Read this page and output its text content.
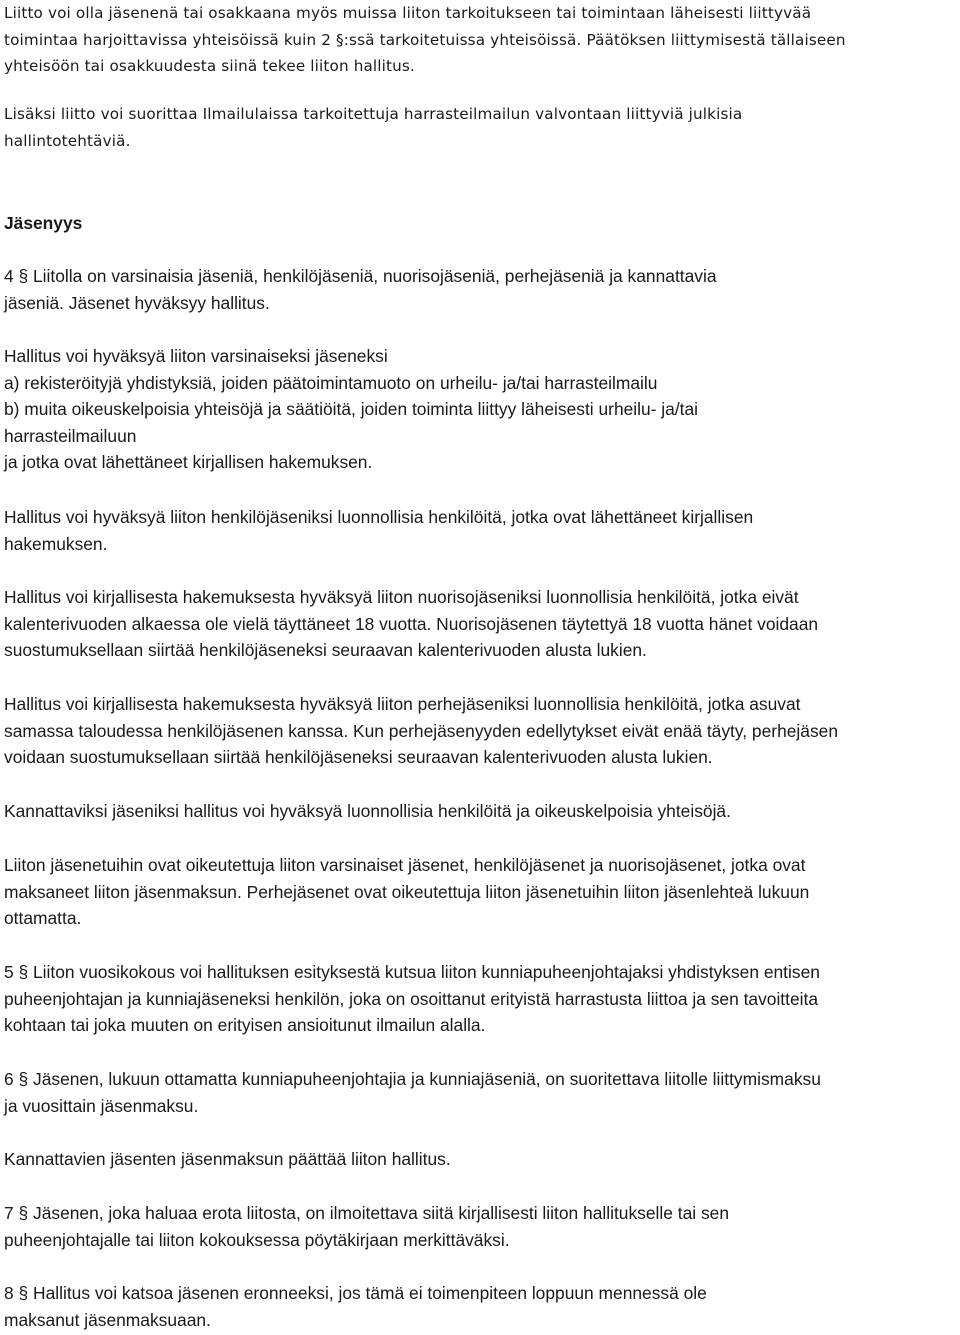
Liitto voi olla jäsenenä tai osakkaana myös muissa liiton tarkoitukseen tai toimintaan läheisesti liittyvää
toimintaa harjoittavissa yhteisöissä kuin 2 §:ssä tarkoitetuissa yhteisöissä. Päätöksen liittymisestä tällaiseen
yhteisöön tai osakkuudesta siinä tekee liiton hallitus.

Lisäksi liitto voi suorittaa Ilmailulaissa tarkoitettuja harrasteilmailun valvontaan liittyviä julkisia
hallintotehtäviä.

Jäsenyys

4 § Liitolla on varsinaisia jäseniä, henkilöjäseniä, nuorisojäseniä, perhejäseniä ja kannattavia
jäseniä. Jäsenet hyväksyy hallitus.

Hallitus voi hyväksyä liiton varsinaiseksi jäseneksi
a) rekisteröityjä yhdistyksiä, joiden päätoimintamuoto on urheilu- ja/tai harrasteilmailu
b) muita oikeuskelpoisia yhteisöjä ja säätiöitä, joiden toiminta liittyy läheisesti urheilu- ja/tai
harrasteilmailuun
ja jotka ovat lähettäneet kirjallisen hakemuksen.

Hallitus voi hyväksyä liiton henkilöjäseniksi luonnollisia henkilöitä, jotka ovat lähettäneet kirjallisen
hakemuksen.

Hallitus voi kirjallisesta hakemuksesta hyväksyä liiton nuorisojäseniksi luonnollisia henkilöitä, jotka eivät
kalenterivuoden alkaessa ole vielä täyttäneet 18 vuotta. Nuorisojäsenen täytettyä 18 vuotta hänet voidaan
suostumuksellaan siirtää henkilöjäseneksi seuraavan kalenterivuoden alusta lukien.

Hallitus voi kirjallisesta hakemuksesta hyväksyä liiton perhejäseniksi luonnollisia henkilöitä, jotka asuvat
samassa taloudessa henkilöjäsenen kanssa. Kun perhejäsenyyden edellytykset eivät enää täyty, perhejäsen
voidaan suostumuksellaan siirtää henkilöjäseneksi seuraavan kalenterivuoden alusta lukien.

Kannattaviksi jäseniksi hallitus voi hyväksyä luonnollisia henkilöitä ja oikeuskelpoisia yhteisöjä.

Liiton jäsenetuihin ovat oikeutettuja liiton varsinaiset jäsenet, henkilöjäsenet ja nuorisojäsenet, jotka ovat
maksaneet liiton jäsenmaksun. Perhejäsenet ovat oikeutettuja liiton jäsenetuihin liiton jäsenlehteä lukuun
ottamatta.

5 § Liiton vuosikokous voi hallituksen esityksestä kutsua liiton kunniapuheenjohtajaksi yhdistyksen entisen
puheenjohtajan ja kunniajäseneksi henkilön, joka on osoittanut erityistä harrastusta liittoa ja sen tavoitteita
kohtaan tai joka muuten on erityisen ansioitunut ilmailun alalla.

6 § Jäsenen, lukuun ottamatta kunniapuheenjohtajia ja kunniajäseniä, on suoritettava liitolle liittymismaksu
ja vuosittain jäsenmaksu.

Kannattavien jäsenten jäsenmaksun päättää liiton hallitus.

7 § Jäsenen, joka haluaa erota liitosta, on ilmoitettava siitä kirjallisesti liiton hallitukselle tai sen
puheenjohtajalle tai liiton kokouksessa pöytäkirjaan merkittäväksi.

8 § Hallitus voi katsoa jäsenen eronneeksi, jos tämä ei toimenpiteen loppuun mennessä ole
maksanut jäsenmaksuaan.
